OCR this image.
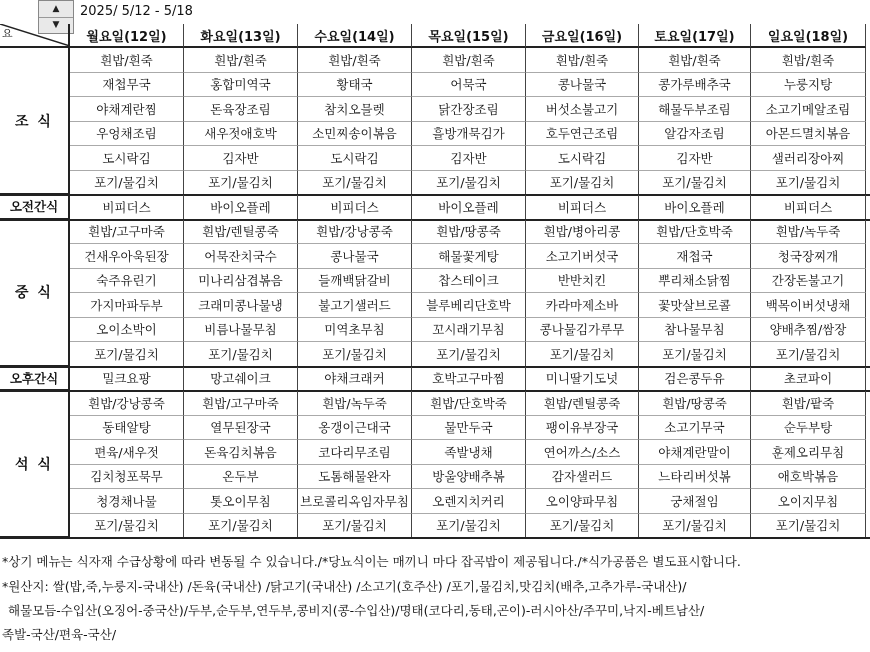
▲
▼
2025/ 5/12 - 5/18
요	월요일(12일)	화요일(13일)	수요일(14일)	목요일(15일)	금요일(16일)	토요일(17일)	일요일(18일)
조 식
흰밥/흰죽	흰밥/흰죽	흰밥/흰죽	흰밥/흰죽	흰밥/흰죽	흰밥/흰죽	흰밥/흰죽
재첩무국	홍합미역국	황태국	어묵국	콩나물국	콩가루배추국	누룽지탕
야채계란찜	돈육장조림	참치오믈렛	닭간장조림	버섯소불고기	해물두부조림	소고기메알조림
우엉채조림	새우젓애호박	소민찌송이볶음	흘방개묵김가	호두연근조림	알감자조림	아몬드멸치볶음
도시락김	김자반	도시락김	김자반	도시락김	김자반	샐러리장아찌
포기/물김치	포기/물김치	포기/물김치	포기/물김치	포기/물김치	포기/물김치	포기/물김치
오전간식	비피더스	바이오플레	비피더스	바이오플레	비피더스	바이오플레	비피더스
중 식
흰밥/고구마죽	흰밥/렌틸콩죽	흰밥/강낭콩죽	흰밥/땅콩죽	흰밥/병아리콩	흰밥/단호박죽	흰밥/녹두죽
건새우아욱된장	어묵잔치국수	콩나물국	해물꽃게탕	소고기버섯국	재첩국	청국장찌개
숙주유린기	미나리삼겹볶음	들깨백닭갈비	찹스테이크	반반치킨	뿌리채소닭찜	간장돈불고기
가지마파두부	크래미콩나물냉	불고기샐러드	블루베리단호박	카라마제소바	꽃맛살브로콜	백목이버섯냉채
오이소박이	비름나물무침	미역초무침	꼬시래기무침	콩나물김가루무	참나물무침	양배추찜/쌈장
포기/물김치	포기/물김치	포기/물김치	포기/물김치	포기/물김치	포기/물김치	포기/물김치
오후간식	밀크요팡	망고쉐이크	야채크래커	호박고구마찜	미니딸기도넛	검은콩두유	초코파이
석 식
흰밥/강낭콩죽	흰밥/고구마죽	흰밥/녹두죽	흰밥/단호박죽	흰밥/렌틸콩죽	흰밥/땅콩죽	흰밥/팥죽
동태알탕	열무된장국	옹갱이근대국	물만두국	팽이유부장국	소고기무국	순두부탕
편육/새우젓	돈육김치볶음	코다리무조림	족발냉채	연어까스/소스	야채계란말이	훈제오리무침
김치청포묵무	온두부	도톰해물완자	방울양배추볶	감자샐러드	느타리버섯볶	애호박볶음
청경채나물	톳오이무침	브로콜리옥임자무침	오렌지치커리	오이양파무침	궁채절임	오이지무침
포기/물김치	포기/물김치	포기/물김치	포기/물김치	포기/물김치	포기/물김치	포기/물김치
*상기 메뉴는 식자재 수급상황에 따라 변동될 수 있습니다./*당뇨식이는 매끼니 마다 잡곡밥이 제공됩니다./*식가공품은 별도표시합니다.
*원산지: 쌀(밥,죽,누룽지-국내산) /돈육(국내산) /닭고기(국내산) /소고기(호주산) /포기,물김치,맛김치(배추,고추가루-국내산)/
해물모듬-수입산(오징어-중국산)/두부,순두부,연두부,콩비지(콩-수입산)/명태(코다리,동태,곤이)-러시아산/주꾸미,낙지-베트남산/
족발-국산/편육-국산/
